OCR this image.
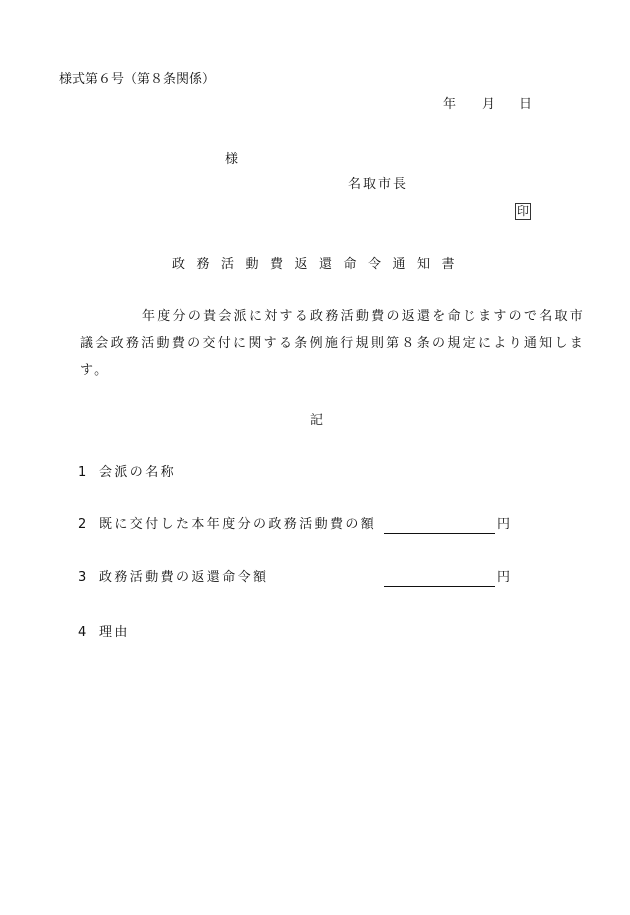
様式第６号（第８条関係）
年 月 日
様
名取市長
印
政務活動費返還命令通知書
年度分の貴会派に対する政務活動費の返還を命じますので名取市議会政務活動費の交付に関する条例施行規則第８条の規定により通知します。
記
1 会派の名称
2 既に交付した本年度分の政務活動費の額	円
3 政務活動費の返還命令額	円
4 理由
